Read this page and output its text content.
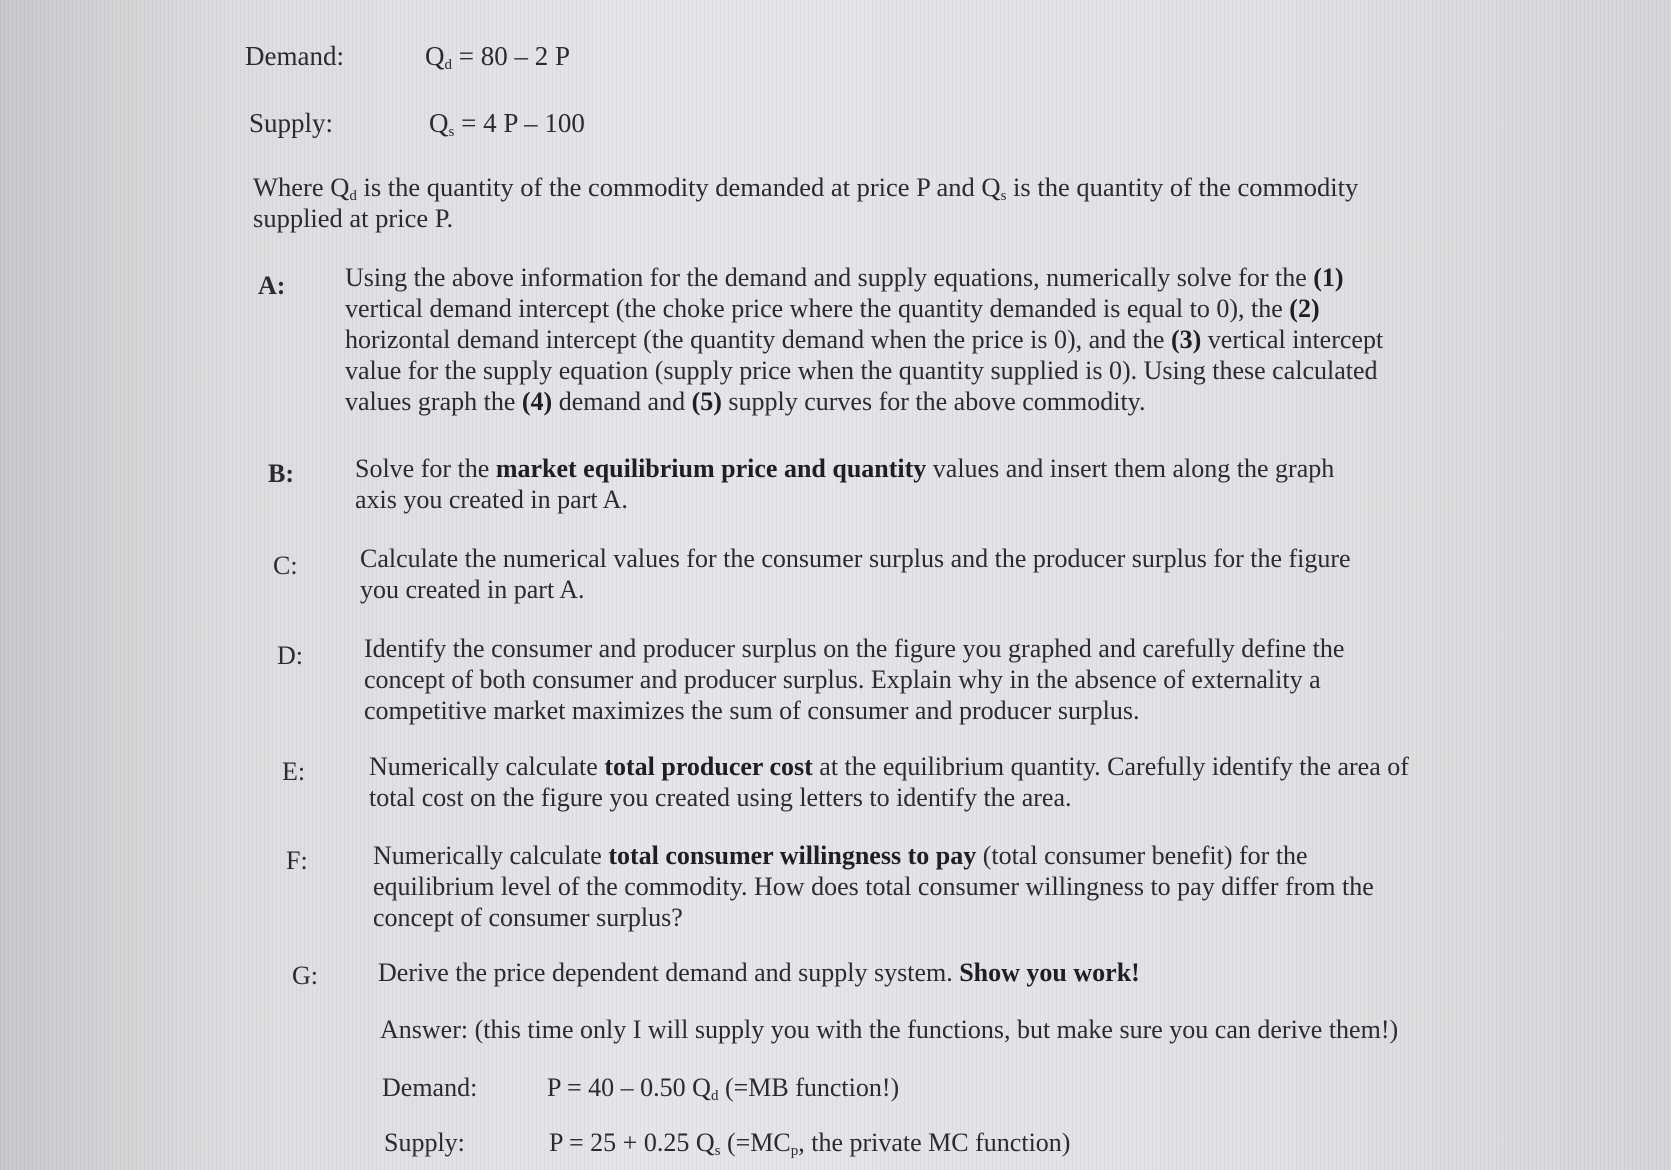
Demand:	$Q_d = 80 - 2$ P
Supply:	$Q_s = 4$ P – 100
Where $Q_d$ is the quantity of the commodity demanded at price P and $Q_s$ is the quantity of the commodity supplied at price P.
A: Using the above information for the demand and supply equations, numerically solve for the (1) vertical demand intercept (the choke price where the quantity demanded is equal to 0), the (2) horizontal demand intercept (the quantity demand when the price is 0), and the (3) vertical intercept value for the supply equation (supply price when the quantity supplied is 0). Using these calculated values graph the (4) demand and (5) supply curves for the above commodity.
B: Solve for the market equilibrium price and quantity values and insert them along the graph axis you created in part A.
C: Calculate the numerical values for the consumer surplus and the producer surplus for the figure you created in part A.
D: Identify the consumer and producer surplus on the figure you graphed and carefully define the concept of both consumer and producer surplus. Explain why in the absence of externality a competitive market maximizes the sum of consumer and producer surplus.
E: Numerically calculate total producer cost at the equilibrium quantity. Carefully identify the area of total cost on the figure you created using letters to identify the area.
F:	Numerically calculate total consumer willingness to pay (total consumer benefit) for the equilibrium level of the commodity. How does total consumer willingness to pay differ from the concept of consumer surplus?
G: Derive the price dependent demand and supply system. Show you work!
Answer: (this time only I will supply you with the functions, but make sure you can derive them!)
Demand:	P = 40 – 0.50 $Q_d$ (=MB function!)
Supply:	P = 25 + 0.25 $Q_s$ ($=MC_p$, the private MC function)
